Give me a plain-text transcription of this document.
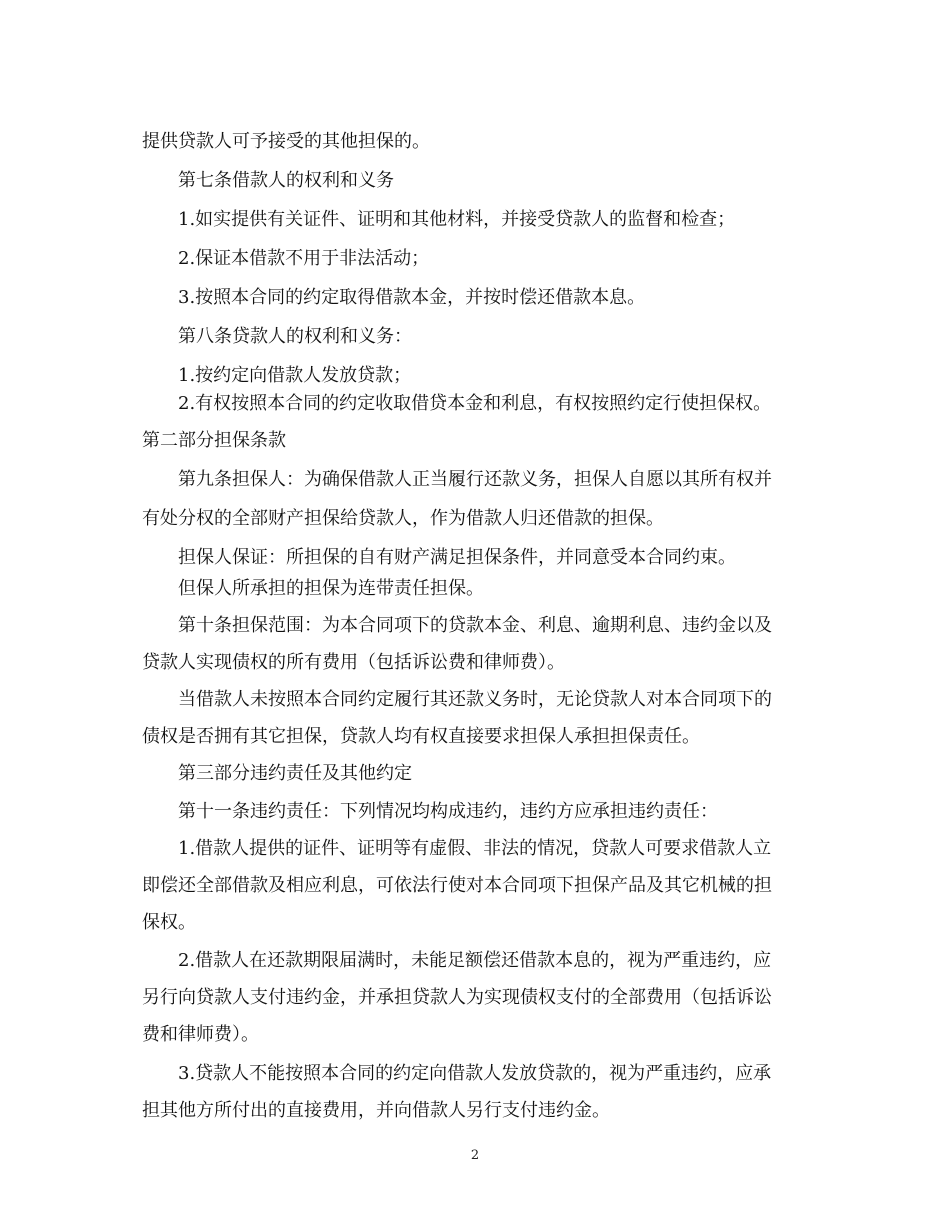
提供贷款人可予接受的其他担保的。
第七条借款人的权利和义务
1.如实提供有关证件、证明和其他材料，并接受贷款人的监督和检查；
2.保证本借款不用于非法活动；
3.按照本合同的约定取得借款本金，并按时偿还借款本息。
第八条贷款人的权利和义务：
1.按约定向借款人发放贷款；
2.有权按照本合同的约定收取借贷本金和利息，有权按照约定行使担保权。
第二部分担保条款
第九条担保人：为确保借款人正当履行还款义务，担保人自愿以其所有权并
有处分权的全部财产担保给贷款人，作为借款人归还借款的担保。
担保人保证：所担保的自有财产满足担保条件，并同意受本合同约束。
但保人所承担的担保为连带责任担保。
第十条担保范围：为本合同项下的贷款本金、利息、逾期利息、违约金以及
贷款人实现债权的所有费用（包括诉讼费和律师费）。
当借款人未按照本合同约定履行其还款义务时，无论贷款人对本合同项下的
债权是否拥有其它担保，贷款人均有权直接要求担保人承担担保责任。
第三部分违约责任及其他约定
第十一条违约责任：下列情况均构成违约，违约方应承担违约责任：
1.借款人提供的证件、证明等有虚假、非法的情况，贷款人可要求借款人立
即偿还全部借款及相应利息，可依法行使对本合同项下担保产品及其它机械的担
保权。
2.借款人在还款期限届满时，未能足额偿还借款本息的，视为严重违约，应
另行向贷款人支付违约金，并承担贷款人为实现债权支付的全部费用（包括诉讼
费和律师费）。
3.贷款人不能按照本合同的约定向借款人发放贷款的，视为严重违约，应承
担其他方所付出的直接费用，并向借款人另行支付违约金。
2
